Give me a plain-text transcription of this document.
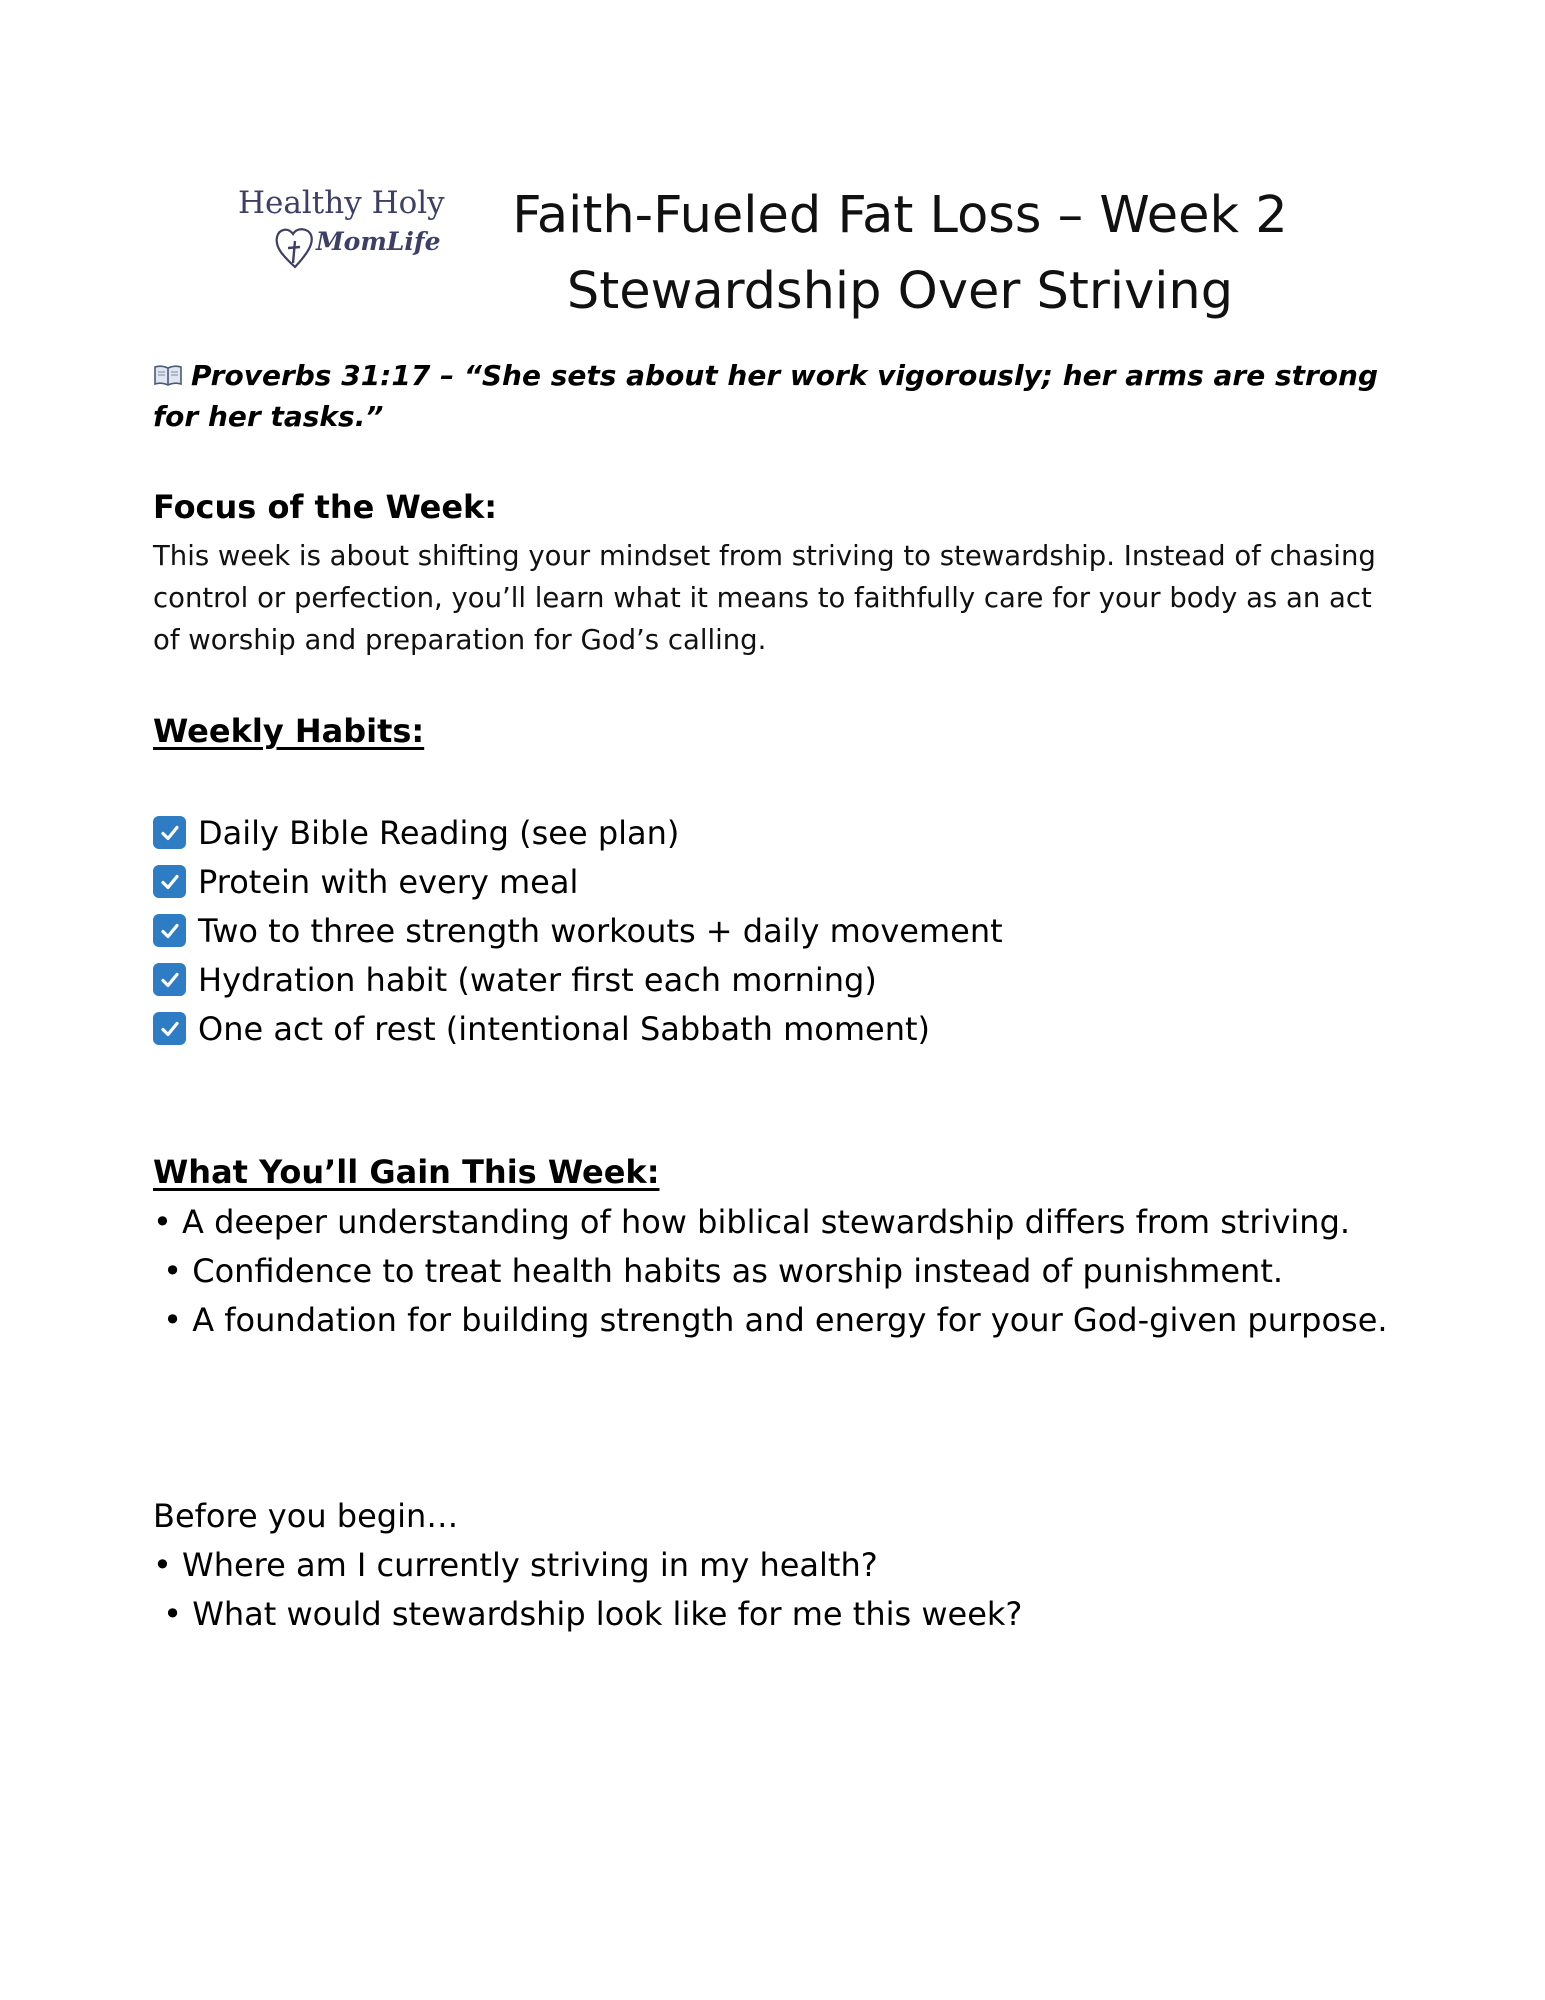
Healthy Holy
MomLife	Faith-Fueled Fat Loss – Week 2
Stewardship Over Striving
Proverbs 31:17 – “She sets about her work vigorously; her arms are strong for her tasks.”
Focus of the Week:
This week is about shifting your mindset from striving to stewardship. Instead of chasing control or perfection, you’ll learn what it means to faithfully care for your body as an act of worship and preparation for God’s calling.
Weekly Habits:
Daily Bible Reading (see plan)
Protein with every meal
Two to three strength workouts + daily movement
Hydration habit (water first each morning)
One act of rest (intentional Sabbath moment)
What You’ll Gain This Week:

• A deeper understanding of how biblical stewardship differs from striving.

• Confidence to treat health habits as worship instead of punishment.

• A foundation for building strength and energy for your God-given purpose.

Before you begin…

• Where am I currently striving in my health?

• What would stewardship look like for me this week?
